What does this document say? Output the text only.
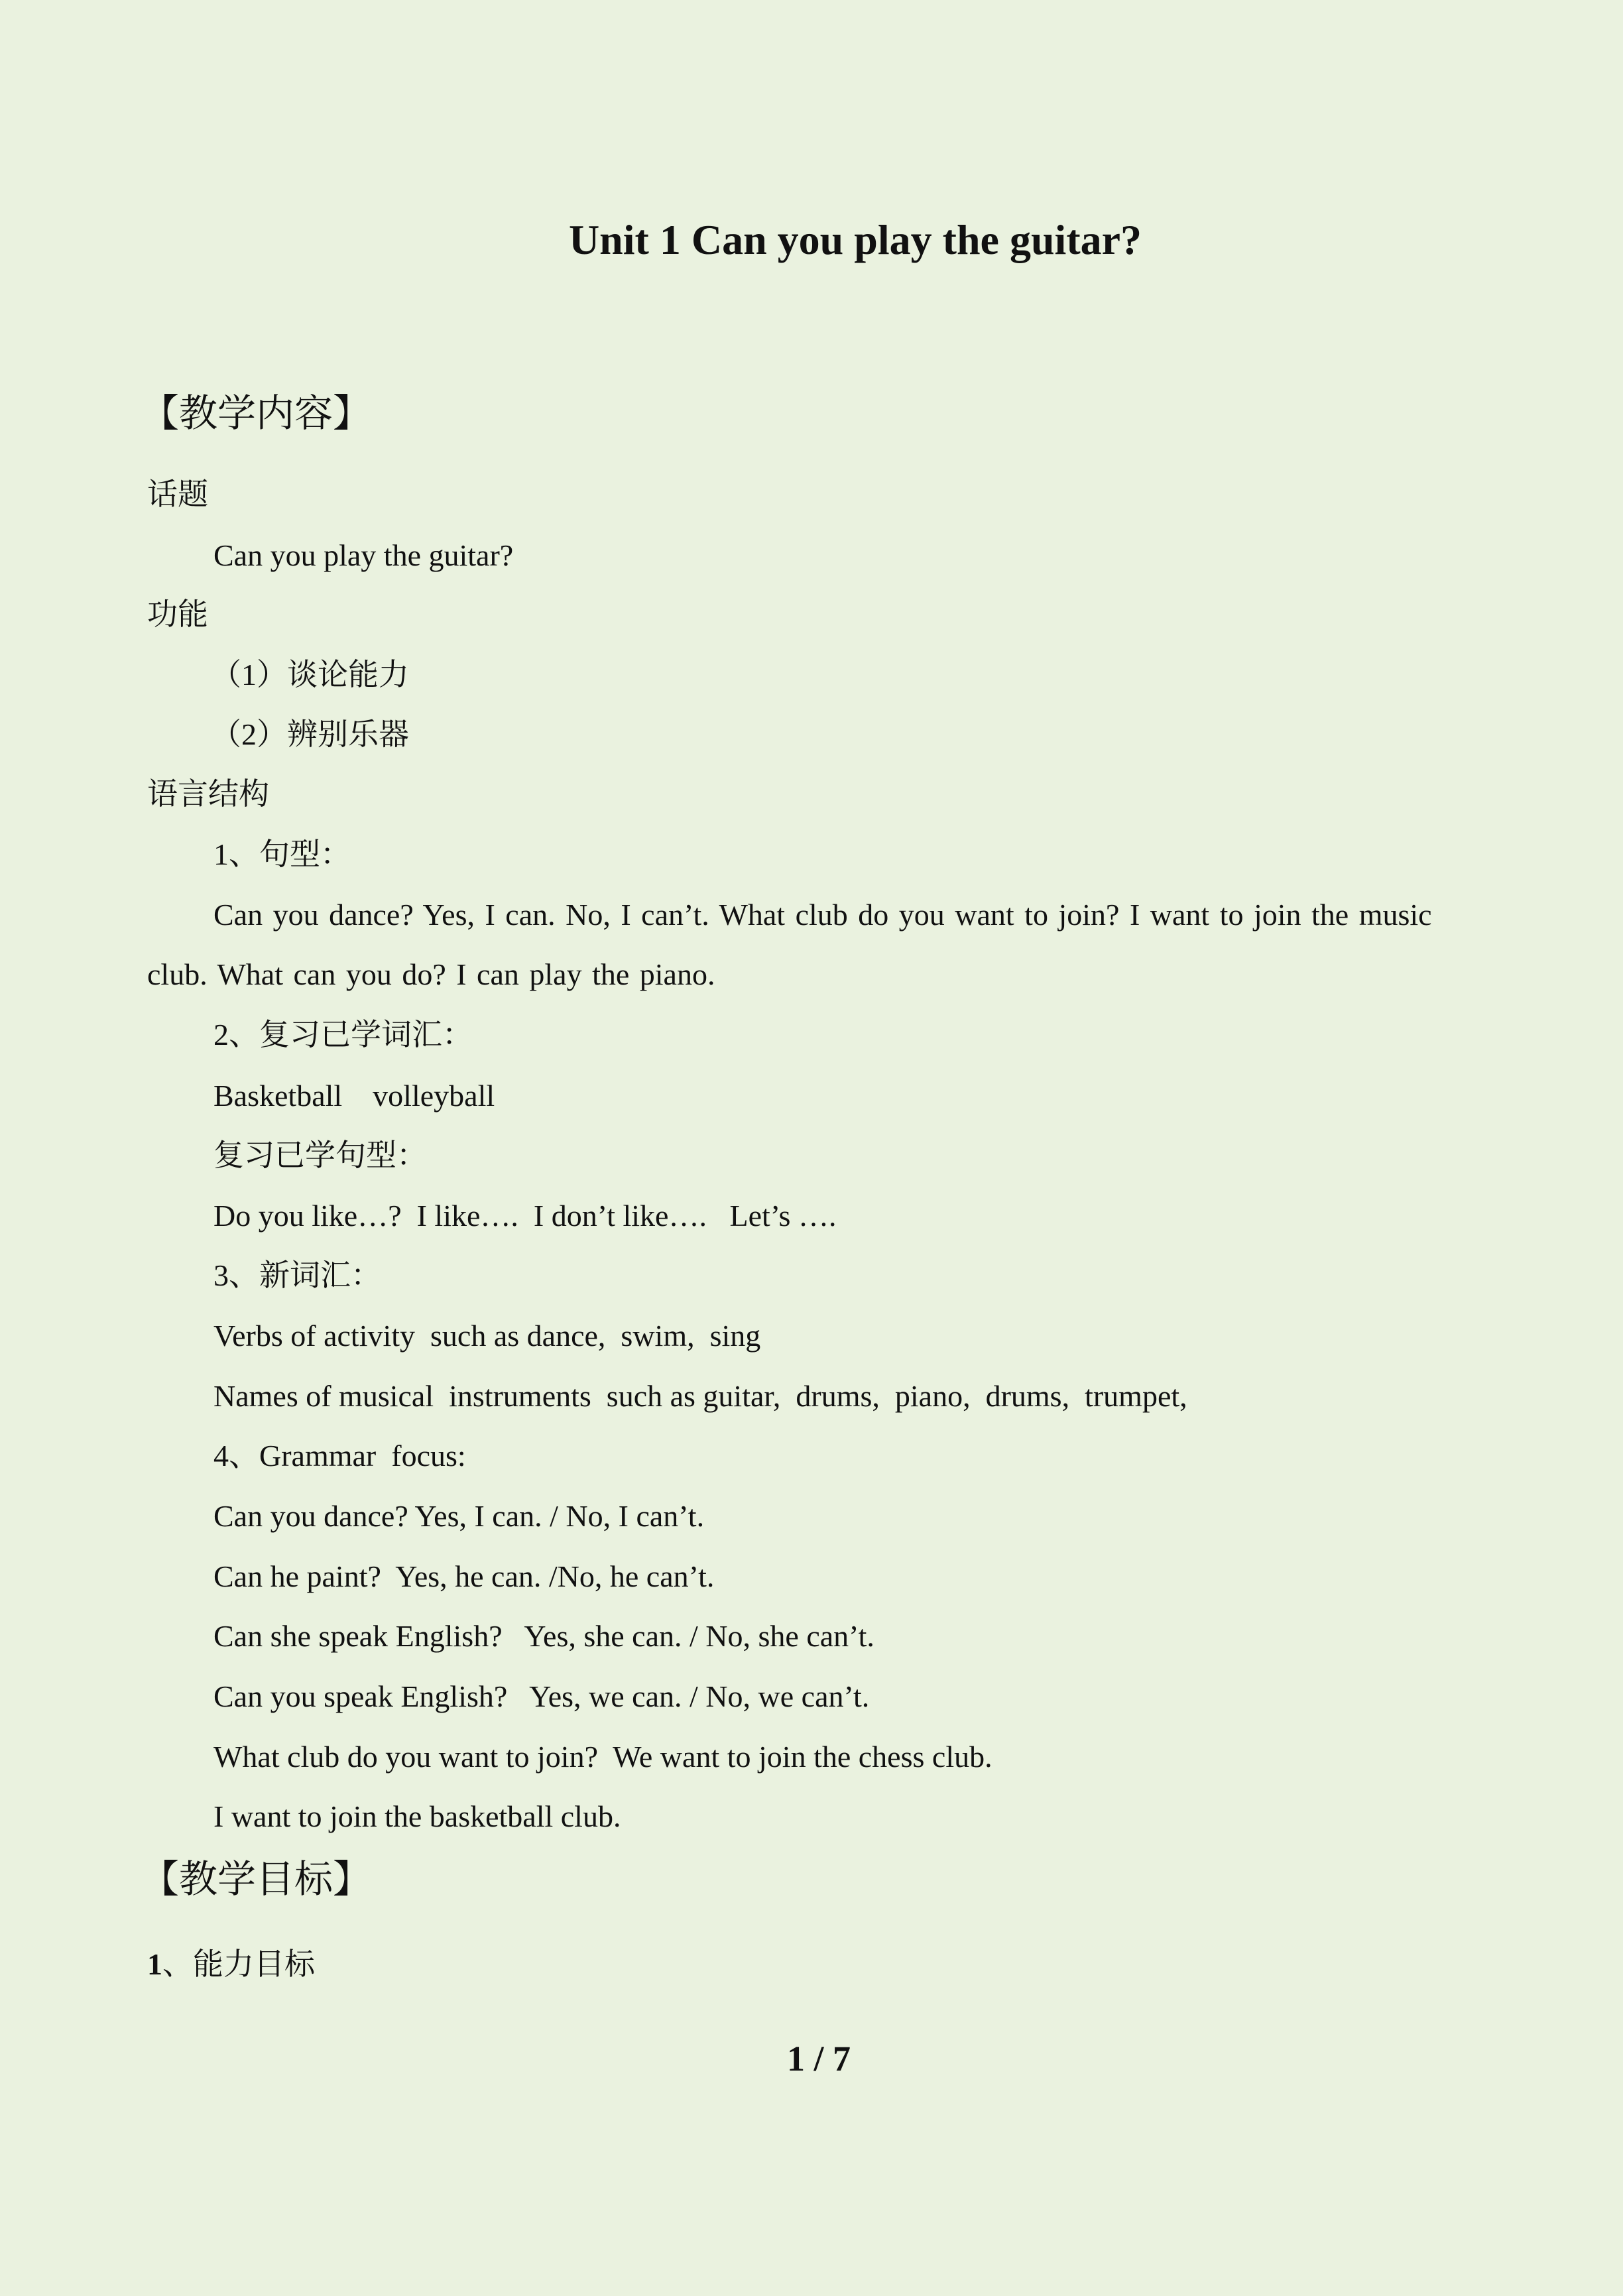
Unit 1 Can you play the guitar?
【教学内容】
话题
Can you play the guitar?
功能
（1）谈论能力
（2）辨别乐器
语言结构
1、句型：
Can you dance? Yes, I can. No, I can’t. What club do you want to join? I want to join the music
club. What can you do? I can play the piano.
2、复习已学词汇：
Basketball    volleyball
复习已学句型：
Do you like…?  I like….  I don’t like….   Let’s ….
3、新词汇：
Verbs of activity  such as dance,  swim,  sing
Names of musical  instruments  such as guitar,  drums,  piano,  drums,  trumpet,
4、Grammar  focus:
Can you dance? Yes, I can. / No, I can’t.
Can he paint?  Yes, he can. /No, he can’t.
Can she speak English?   Yes, she can. / No, she can’t.
Can you speak English?   Yes, we can. / No, we can’t.
What club do you want to join?  We want to join the chess club.
I want to join the basketball club.
【教学目标】
1、能力目标
1 / 7
